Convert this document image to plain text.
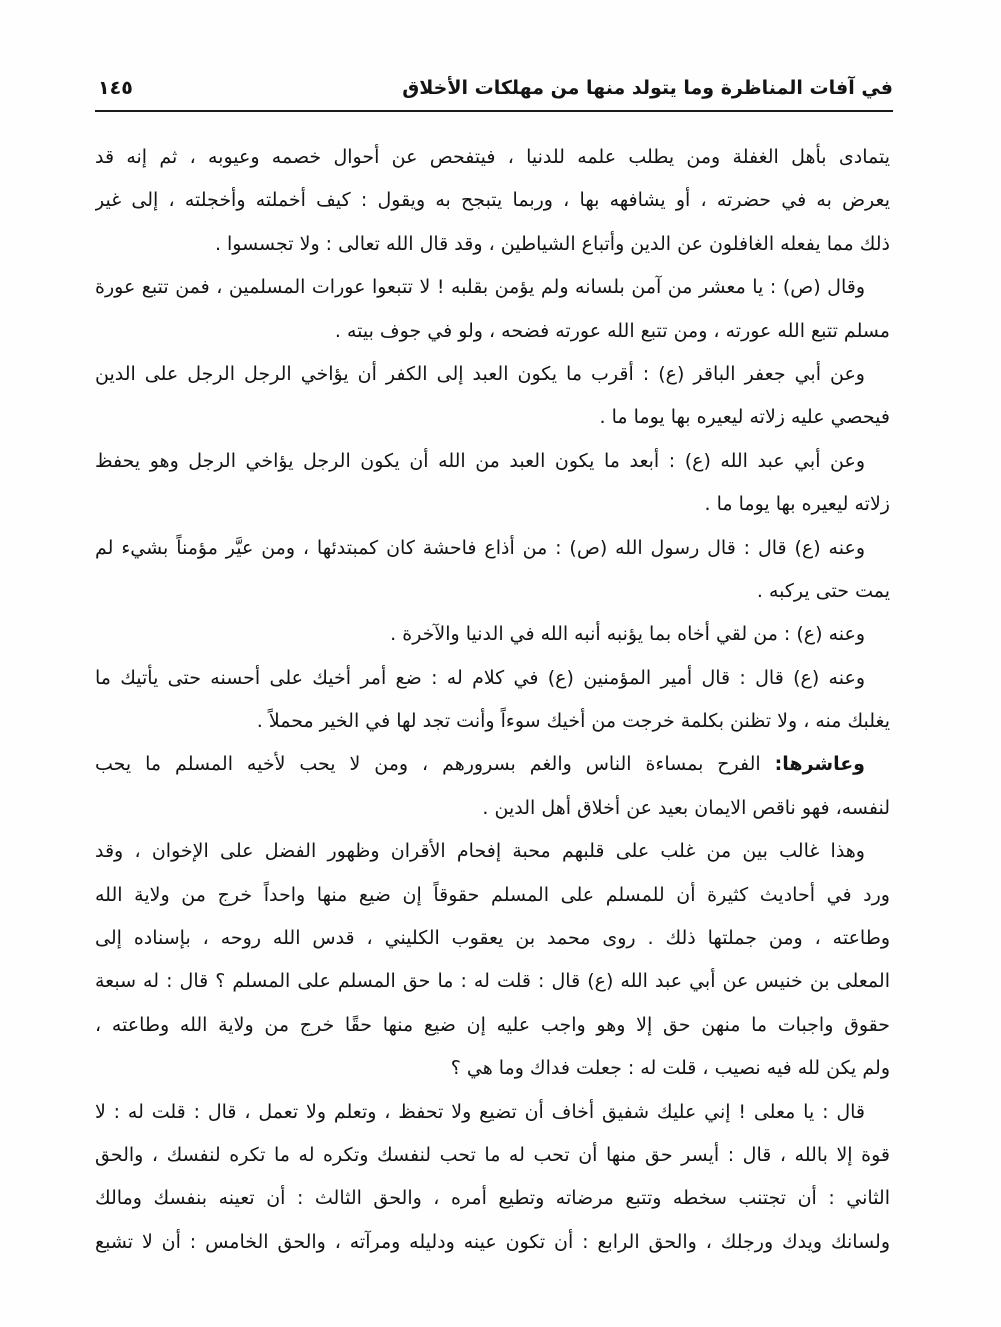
في آفات المناظرة وما يتولد منها من مهلكات الأخلاق
١٤٥
يتمادى بأهل الغفلة ومن يطلب علمه للدنيا ، فيتفحص عن أحوال خصمه وعيوبه ، ثم إنه قد
يعرض به في حضرته ، أو يشافهه بها ، وربما يتبجح به ويقول : كيف أخملته وأخجلته ، إلى غير
ذلك مما يفعله الغافلون عن الدين وأتباع الشياطين ، وقد قال الله تعالى : ولا تجسسوا .
وقال (ص) : يا معشر من آمن بلسانه ولم يؤمن بقلبه ! لا تتبعوا عورات المسلمين ، فمن تتبع عورة
مسلم تتبع الله عورته ، ومن تتبع الله عورته فضحه ، ولو في جوف بيته .
وعن أبي جعفر الباقر (ع) : أقرب ما يكون العبد إلى الكفر أن يؤاخي الرجل الرجل على الدين
فيحصي عليه زلاته ليعيره بها يوما ما .
وعن أبي عبد الله (ع) : أبعد ما يكون العبد من الله أن يكون الرجل يؤاخي الرجل وهو يحفظ
زلاته ليعيره بها يوما ما .
وعنه (ع) قال : قال رسول الله (ص) : من أذاع فاحشة كان كمبتدئها ، ومن عيَّر مؤمناً بشيء لم
يمت حتى يركبه .
وعنه (ع) : من لقي أخاه بما يؤنبه أنبه الله في الدنيا والآخرة .
وعنه (ع) قال : قال أمير المؤمنين (ع) في كلام له : ضع أمر أخيك على أحسنه حتى يأتيك ما
يغلبك منه ، ولا تظنن بكلمة خرجت من أخيك سوءاً وأنت تجد لها في الخير محملاً .
وعاشرها: الفرح بمساءة الناس والغم بسرورهم ، ومن لا يحب لأخيه المسلم ما يحب
لنفسه، فهو ناقص الايمان بعيد عن أخلاق أهل الدين .
وهذا غالب بين من غلب على قلبهم محبة إفحام الأقران وظهور الفضل على الإخوان ، وقد
ورد في أحاديث كثيرة أن للمسلم على المسلم حقوقاً إن ضيع منها واحداً خرج من ولاية الله
وطاعته ، ومن جملتها ذلك . روى محمد بن يعقوب الكليني ، قدس الله روحه ، بإسناده إلى
المعلى بن خنيس عن أبي عبد الله (ع) قال : قلت له : ما حق المسلم على المسلم ؟ قال : له سبعة
حقوق واجبات ما منهن حق إلا وهو واجب عليه إن ضيع منها حقًا خرج من ولاية الله وطاعته ،
ولم يكن لله فيه نصيب ، قلت له : جعلت فداك وما هي ؟
قال : يا معلى ! إني عليك شفيق أخاف أن تضيع ولا تحفظ ، وتعلم ولا تعمل ، قال : قلت له : لا
قوة إلا بالله ، قال : أيسر حق منها أن تحب له ما تحب لنفسك وتكره له ما تكره لنفسك ، والحق
الثاني : أن تجتنب سخطه وتتبع مرضاته وتطيع أمره ، والحق الثالث : أن تعينه بنفسك ومالك
ولسانك ويدك ورجلك ، والحق الرابع : أن تكون عينه ودليله ومرآته ، والحق الخامس : أن لا تشبع
